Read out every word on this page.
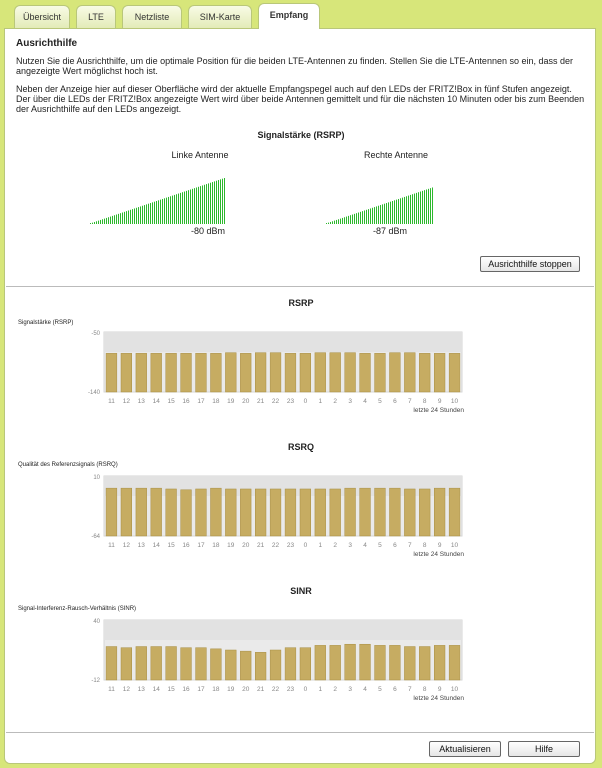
Übersicht	LTE	Netzliste	SIM-Karte	Empfang
Ausrichthilfe

Nutzen Sie die Ausrichthilfe, um die optimale Position für die beiden LTE-Antennen zu finden. Stellen Sie die LTE-Antennen so ein, dass der angezeigte Wert möglichst hoch ist.

Neben der Anzeige hier auf dieser Oberfläche wird der aktuelle Empfangspegel auch auf den LEDs der FRITZ!Box in fünf Stufen angezeigt. Der über die LEDs der FRITZ!Box angezeigte Wert wird über beide Antennen gemittelt und für die nächsten 10 Minuten oder bis zum Beenden der Ausrichthilfe auf den LEDs angezeigt.

Signalstärke (RSRP)
Linke Antenne	Rechte Antenne
-80 dBm	-87 dBm
Ausrichthilfe stoppen
RSRP
Signalstärke (RSRP)
11 12 13 14 15 16 17 18 19 20 21 22 23 0 1 2 3 4 5 6 7 8 9 10
-50
-140
letzte 24 Stunden
RSRQ
Qualität des Referenzsignals (RSRQ)
11 12 13 14 15 16 17 18 19 20 21 22 23 0 1 2 3 4 5 6 7 8 9 10
10
-64
letzte 24 Stunden
SINR
Signal-Interferenz-Rausch-Verhältnis (SINR)
11 12 13 14 15 16 17 18 19 20 21 22 23 0 1 2 3 4 5 6 7 8 9 10
40
-12
letzte 24 Stunden
Aktualisieren	Hilfe
